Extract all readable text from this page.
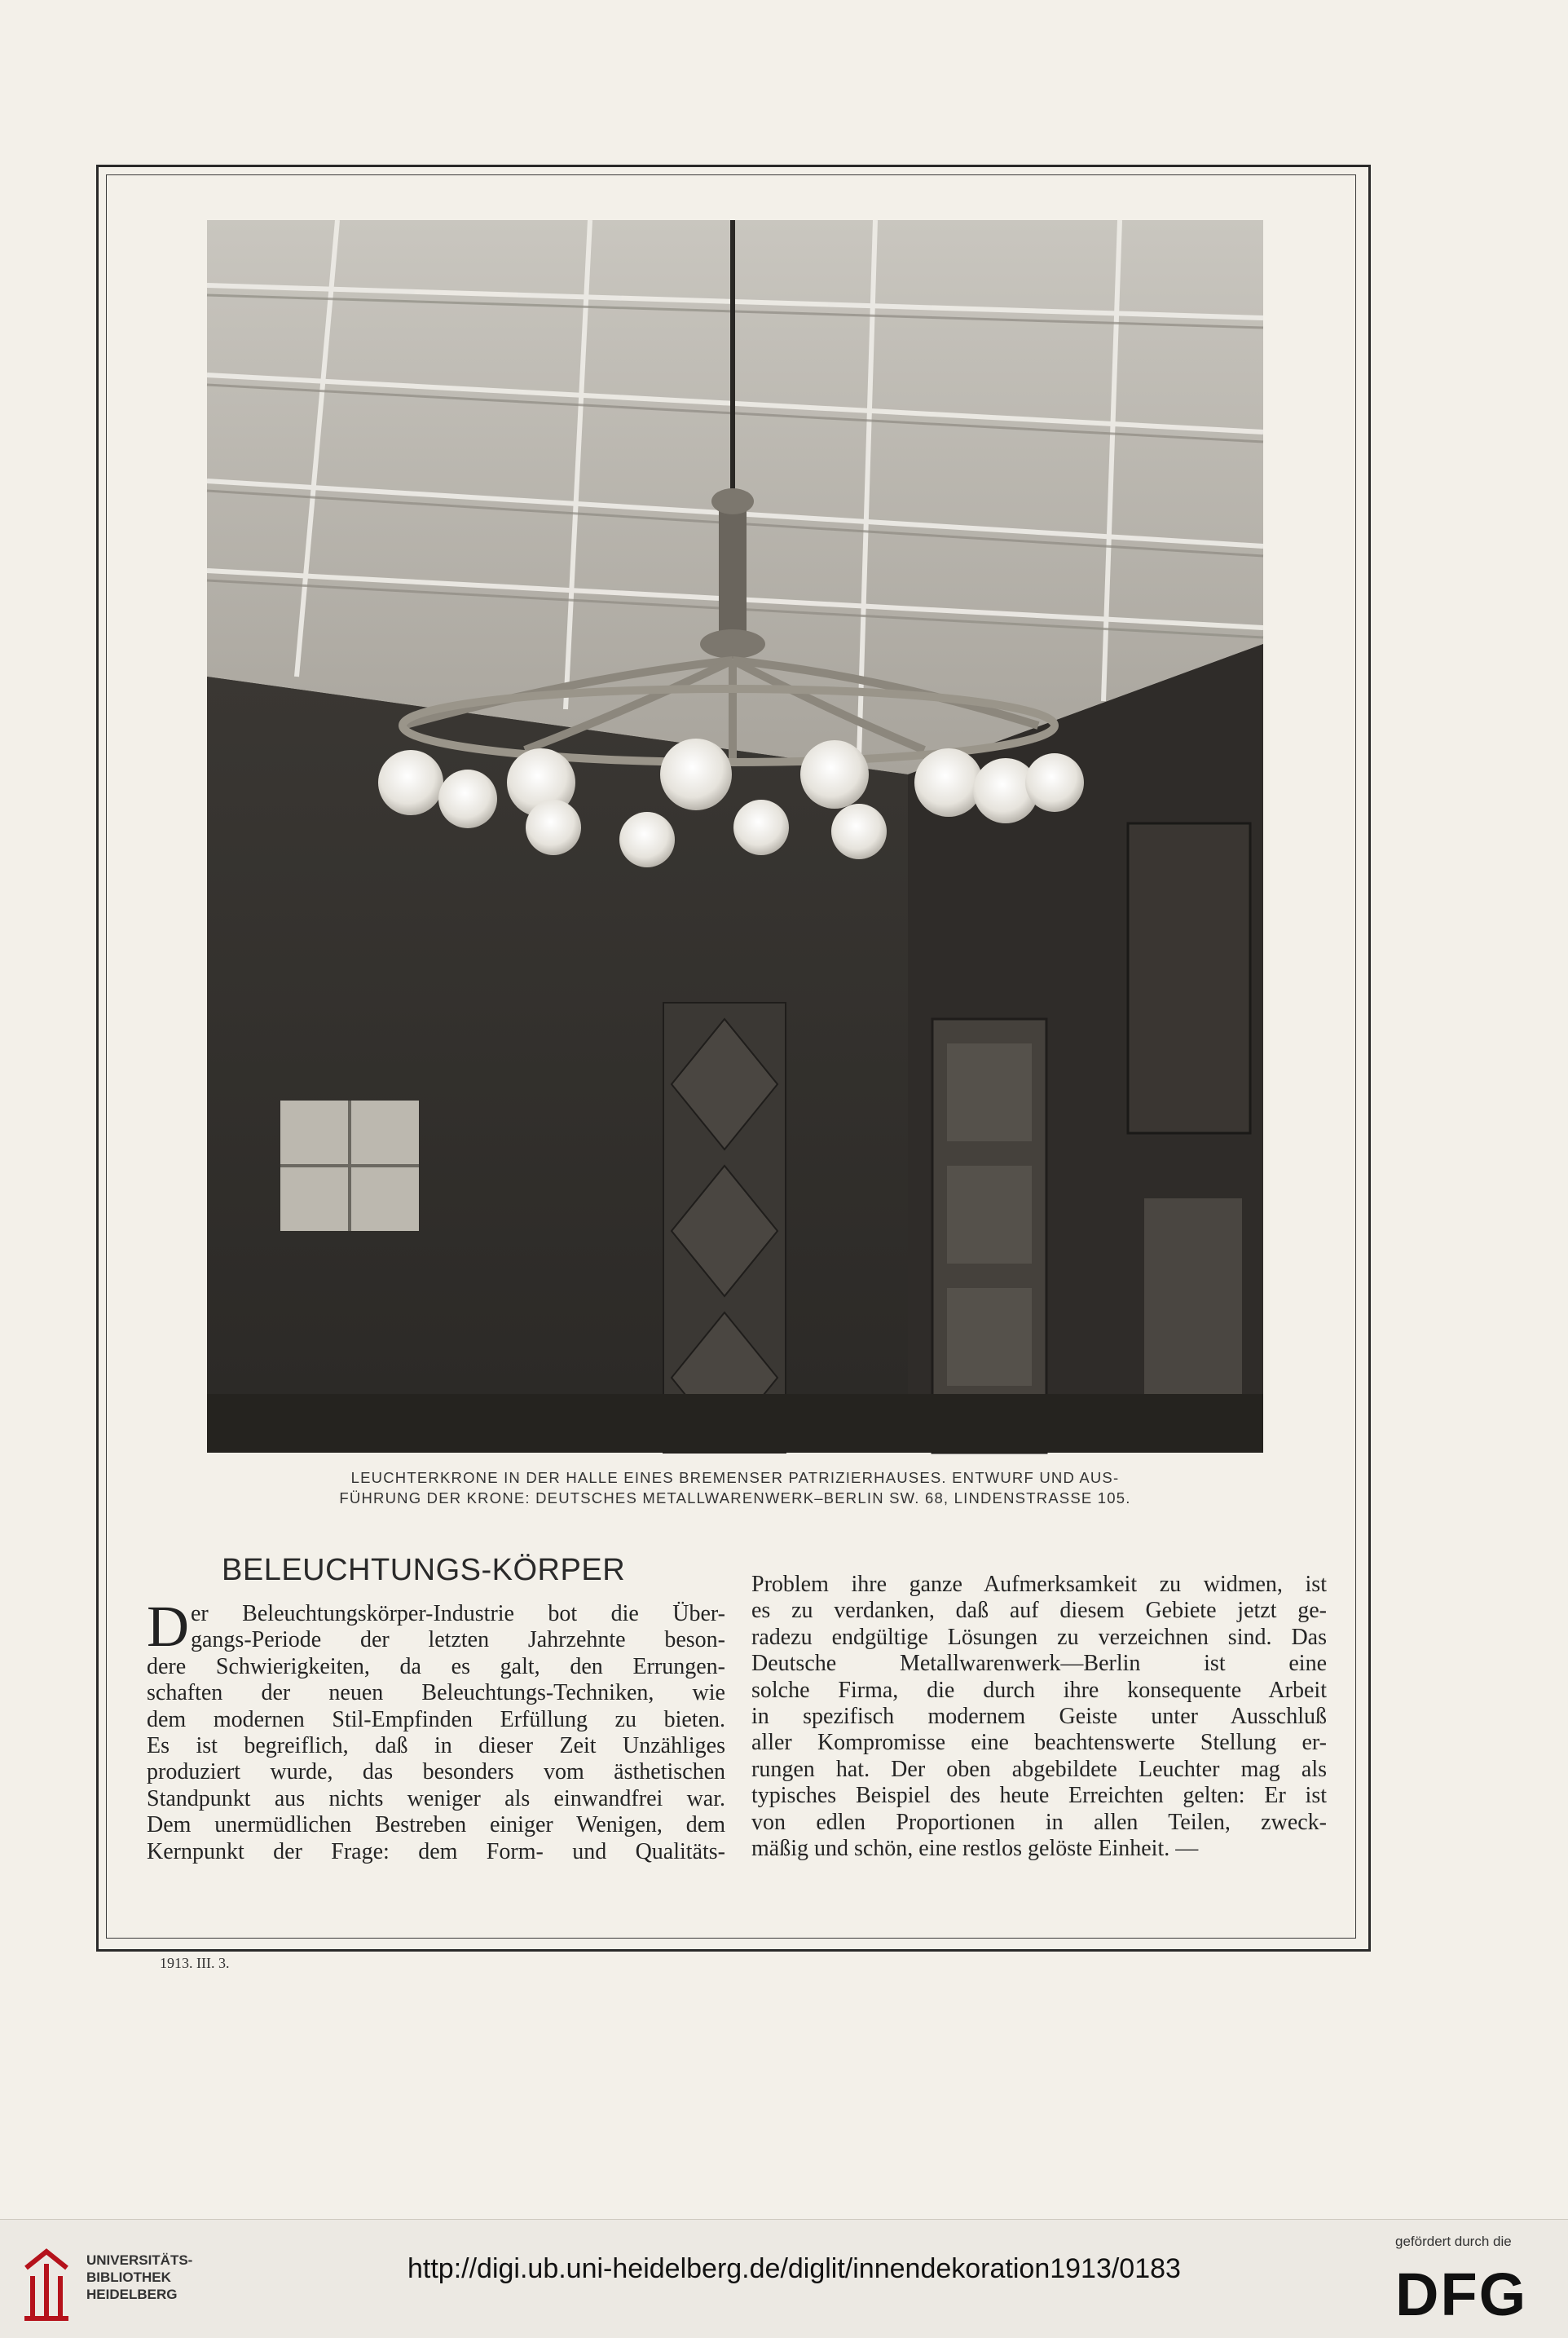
LEUCHTERKRONE IN DER HALLE EINES BREMENSER PATRIZIERHAUSES. ENTWURF UND AUS-
FÜHRUNG DER KRONE: DEUTSCHES METALLWARENWERK–BERLIN SW. 68, LINDENSTRASSE 105.
BELEUCHTUNGS-KÖRPER
D er Beleuchtungskörper-Industrie bot die Über-
gangs-Periode der letzten Jahrzehnte beson-
dere Schwierigkeiten, da es galt, den Errungen-
schaften der neuen Beleuchtungs-Techniken, wie
dem modernen Stil-Empfinden Erfüllung zu bieten.
Es ist begreiflich, daß in dieser Zeit Unzähliges
produziert wurde, das besonders vom ästhetischen
Standpunkt aus nichts weniger als einwandfrei war.
Dem unermüdlichen Bestreben einiger Wenigen, dem
Kernpunkt der Frage: dem Form- und Qualitäts-
Problem ihre ganze Aufmerksamkeit zu widmen, ist
es zu verdanken, daß auf diesem Gebiete jetzt ge-
radezu endgültige Lösungen zu verzeichnen sind. Das
Deutsche Metallwarenwerk—Berlin ist eine
solche Firma, die durch ihre konsequente Arbeit
in spezifisch modernem Geiste unter Ausschluß
aller Kompromisse eine beachtenswerte Stellung er-
rungen hat. Der oben abgebildete Leuchter mag als
typisches Beispiel des heute Erreichten gelten: Er ist
von edlen Proportionen in allen Teilen, zweck-
mäßig und schön, eine restlos gelöste Einheit. —
1913. III. 3.
UNIVERSITÄTS-
BIBLIOTHEK
HEIDELBERG
http://digi.ub.uni-heidelberg.de/diglit/innendekoration1913/0183
gefördert durch die
DFG
